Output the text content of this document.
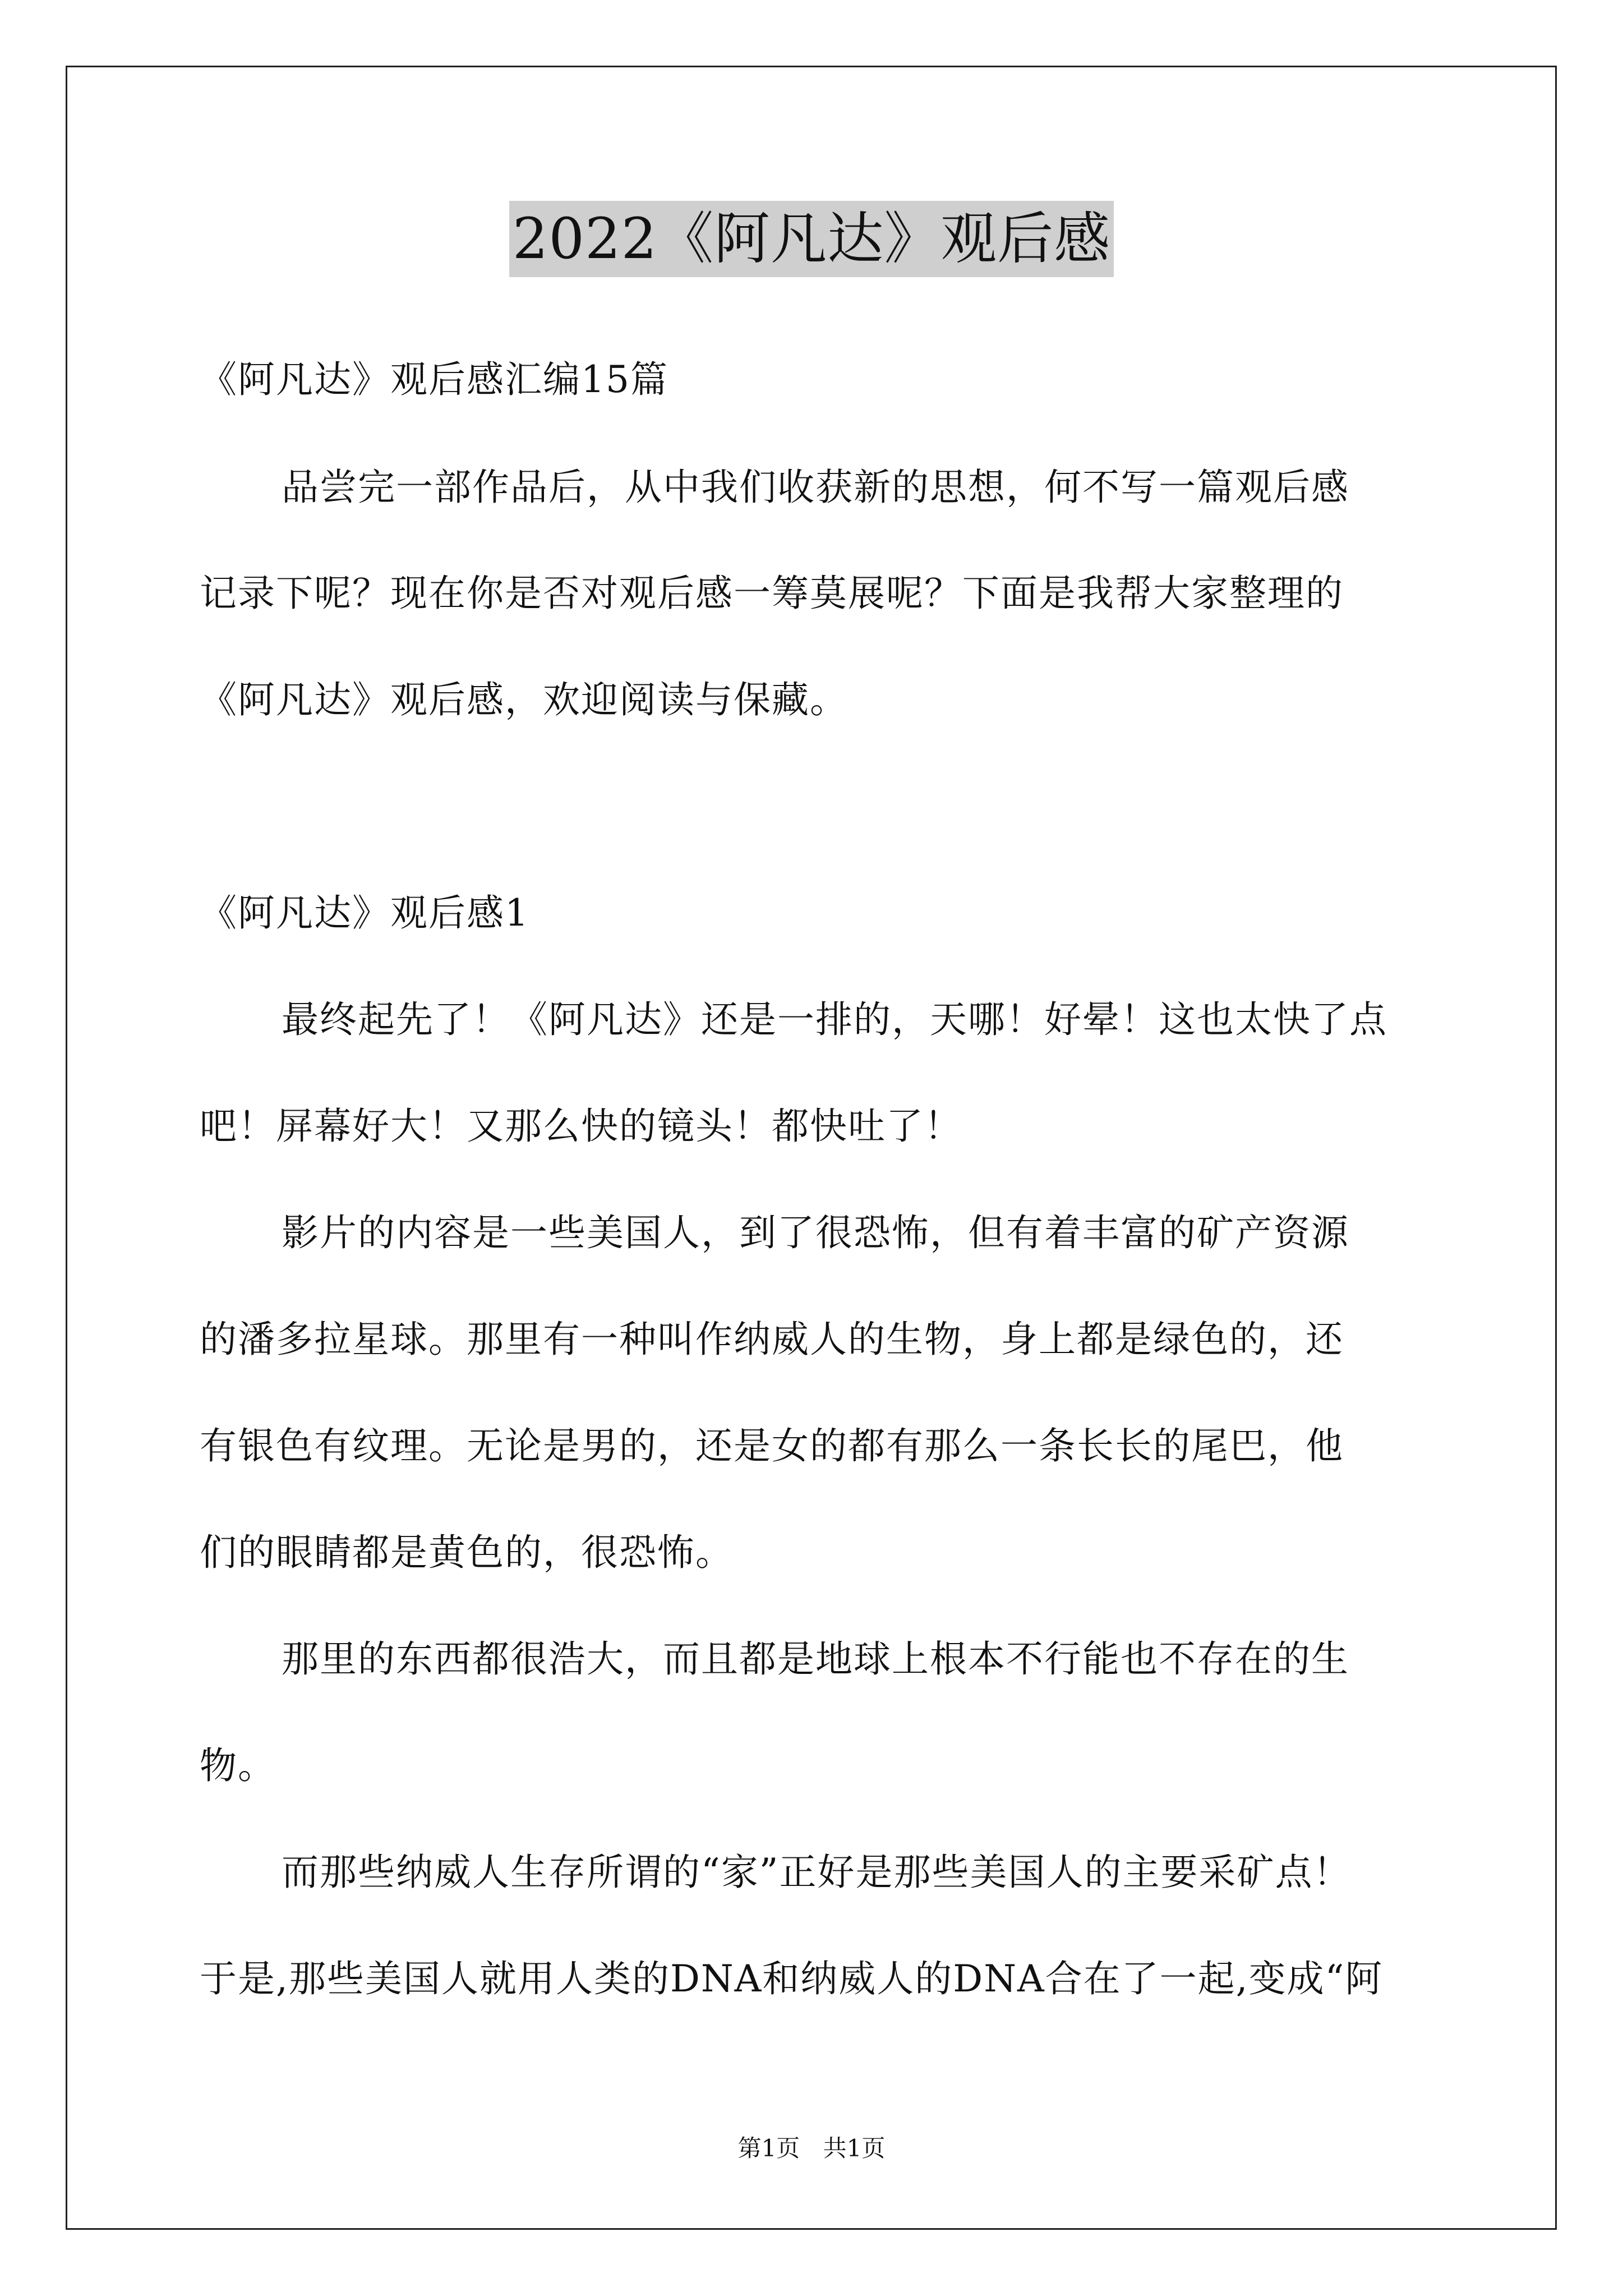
2022《阿凡达》观后感
《阿凡达》观后感汇编15篇
品尝完一部作品后，从中我们收获新的思想，何不写一篇观后感
记录下呢？现在你是否对观后感一筹莫展呢？下面是我帮大家整理的
《阿凡达》观后感，欢迎阅读与保藏。
《阿凡达》观后感1
最终起先了！《阿凡达》还是一排的，天哪！好晕！这也太快了点
吧！屏幕好大！又那么快的镜头！都快吐了！
影片的内容是一些美国人，到了很恐怖，但有着丰富的矿产资源
的潘多拉星球。那里有一种叫作纳威人的生物，身上都是绿色的，还
有银色有纹理。无论是男的，还是女的都有那么一条长长的尾巴，他
们的眼睛都是黄色的，很恐怖。
那里的东西都很浩大，而且都是地球上根本不行能也不存在的生
物。
而那些纳威人生存所谓的“家”正好是那些美国人的主要采矿点！
于是,那些美国人就用人类的DNA和纳威人的DNA合在了一起,变成“阿
第1页 共1页
